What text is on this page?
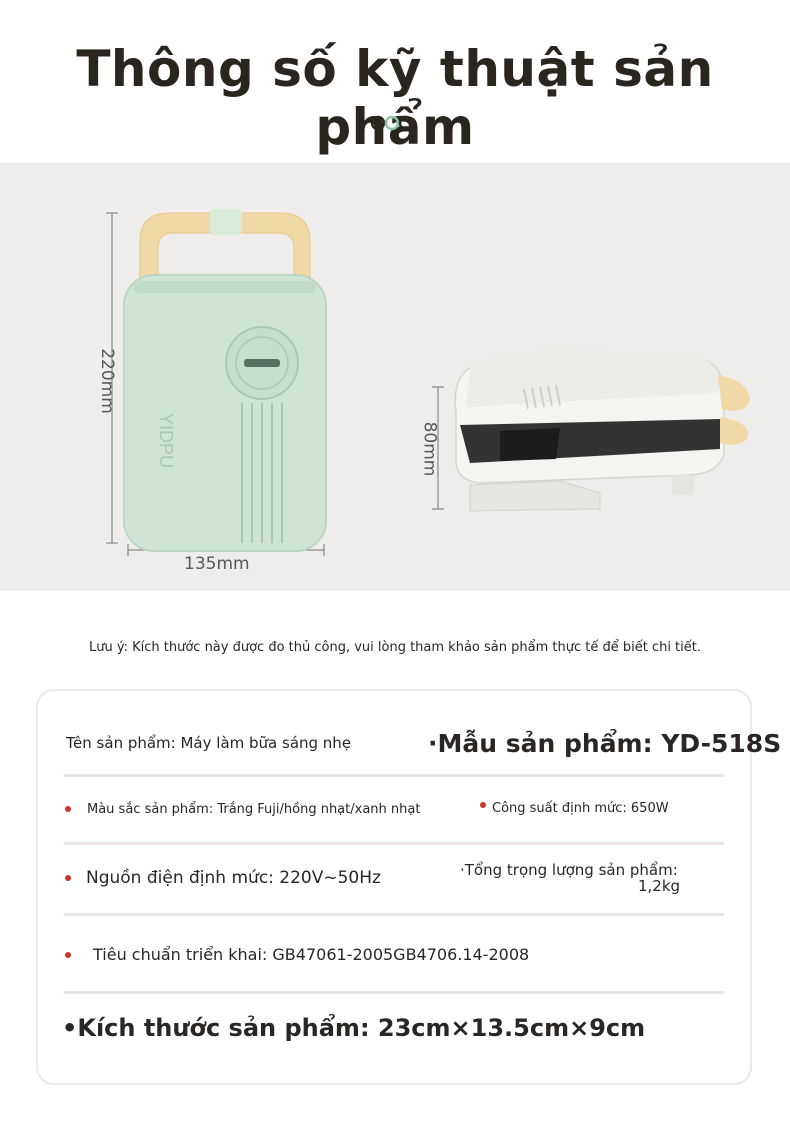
Thông số kỹ thuật sản phẩm
YIDPU
220mm
135mm
80mm
Lưu ý: Kích thước này được đo thủ công, vui lòng tham khảo sản phẩm thực tế để biết chi tiết.
Tên sản phẩm: Máy làm bữa sáng nhẹ	·Mẫu sản phẩm: YD-518S
Màu sắc sản phẩm: Trắng Fuji/hồng nhạt/xanh nhạt	Công suất định mức: 650W
Nguồn điện định mức: 220V~50Hz	·Tổng trọng lượng sản phẩm:
1,2kg
Tiêu chuẩn triển khai: GB47061-2005GB4706.14-2008
•Kích thước sản phẩm: 23cm×13.5cm×9cm
